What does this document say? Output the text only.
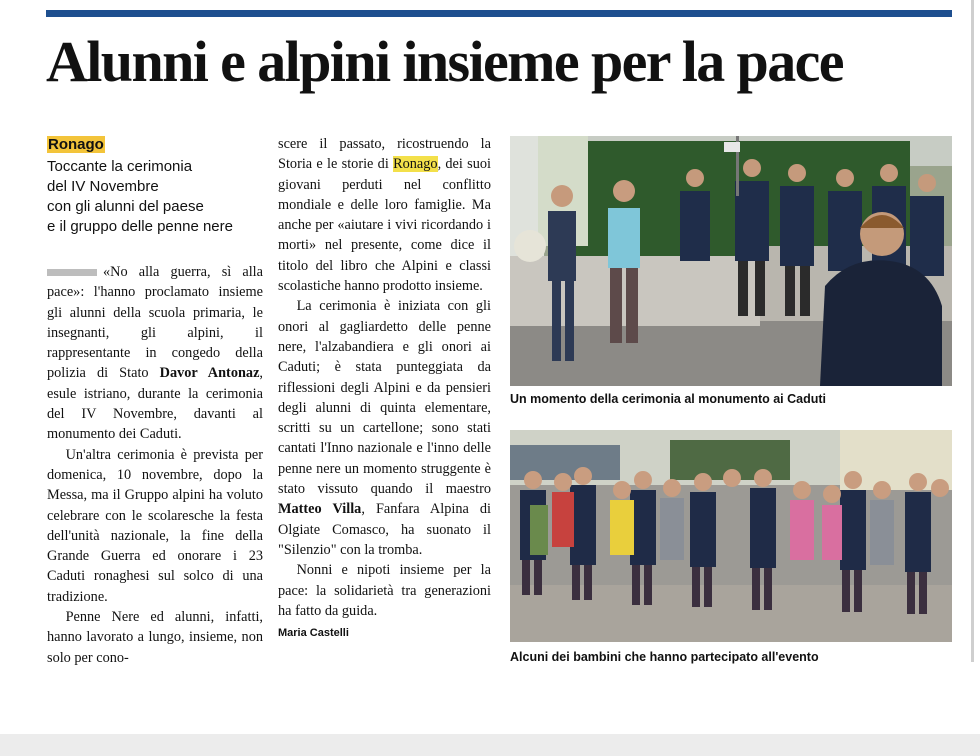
Alunni e alpini insieme per la pace
Ronago
Toccante la cerimonia
del IV Novembre
con gli alunni del paese
e il gruppo delle penne nere

«No alla guerra, sì alla pace»: l'hanno proclamato insieme gli alunni della scuola primaria, le insegnanti, gli alpini, il rappresentante in congedo della polizia di Stato Davor Antonaz, esule istriano, durante la cerimonia del IV Novembre, davanti al monumento dei Caduti.

Un'altra cerimonia è prevista per domenica, 10 novembre, dopo la Messa, ma il Gruppo alpini ha voluto celebrare con le scolaresche la festa dell'unità nazionale, la fine della Grande Guerra ed onorare i 23 Caduti ronaghesi sul solco di una tradizione.

Penne Nere ed alunni, infatti, hanno lavorato a lungo, insieme, non solo per cono-

scere il passato, ricostruendo la Storia e le storie di Ronago, dei suoi giovani perduti nel conflitto mondiale e delle loro famiglie. Ma anche per «aiutare i vivi ricordando i morti» nel presente, come dice il titolo del libro che Alpini e classi scolastiche hanno prodotto insieme.

La cerimonia è iniziata con gli onori al gagliardetto delle penne nere, l'alzabandiera e gli onori ai Caduti; è stata punteggiata da riflessioni degli Alpini e da pensieri degli alunni di quinta elementare, scritti su un cartellone; sono stati cantati l'Inno nazionale e l'inno delle penne nere un momento struggente è stato vissuto quando il maestro Matteo Villa, Fanfara Alpina di Olgiate Comasco, ha suonato il "Silenzio" con la tromba.

Nonni e nipoti insieme per la pace: la solidarietà tra generazioni ha fatto da guida.

Maria Castelli

Un momento della cerimonia al monumento ai Caduti
Alcuni dei bambini che hanno partecipato all'evento
